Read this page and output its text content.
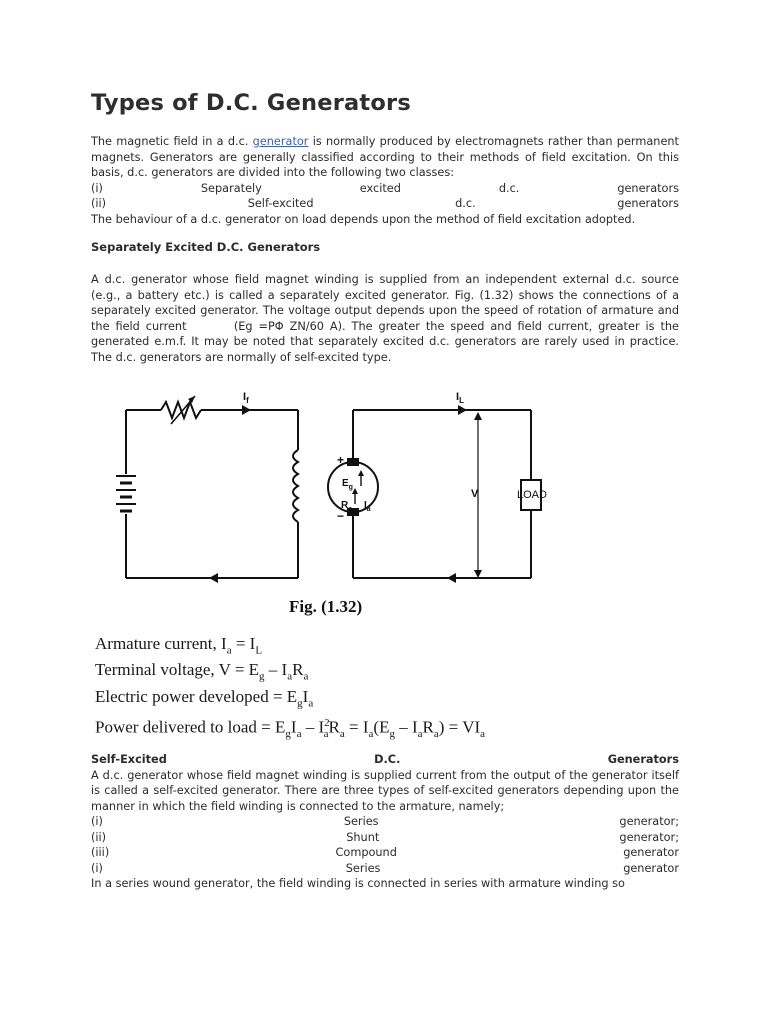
Types of D.C. Generators

The magnetic field in a d.c. generator is normally produced by electromagnets rather than permanent magnets. Generators are generally classified according to their methods of field excitation. On this basis, d.c. generators are divided into the following two classes:

(i)	Separately	excited	d.c.	generators
(ii)	Self-excited	d.c.	generators

The behaviour of a d.c. generator on load depends upon the method of field excitation adopted.

Separately Excited D.C. Generators

A d.c. generator whose field magnet winding is supplied from an independent external d.c. source (e.g., a battery etc.) is called a separately excited generator. Fig. (1.32) shows the connections of a separately excited generator. The voltage output depends upon the speed of rotation of armature and the field current        (Eg =PΦ ZN/60 A). The greater the speed and field current, greater is the generated e.m.f. It may be noted that separately excited d.c. generators are rarely used in practice. The d.c. generators are normally of self-excited type.

$I_f$
+
−
$E_g$
$R_a$ $I_a$
V	LOAD
$I_L$
Fig. (1.32)
Armature current, $I_a = I_L$
Terminal voltage, $V = E_g - I_aR_a$
Electric power developed = $E_gI_a$
Power delivered to load = $E_gI_a - I^2_aR_a = I_a(E_g - I_aR_a) = VI_a$
Self-Excited	D.C.	Generators

A d.c. generator whose field magnet winding is supplied current from the output of the generator itself is called a self-excited generator. There are three types of self-excited generators depending upon the manner in which the field winding is connected to the armature, namely;

(i)	Series	generator;
(ii)	Shunt	generator;
(iii)	Compound	generator
(i)	Series	generator

In a series wound generator, the field winding is connected in series with armature winding so
